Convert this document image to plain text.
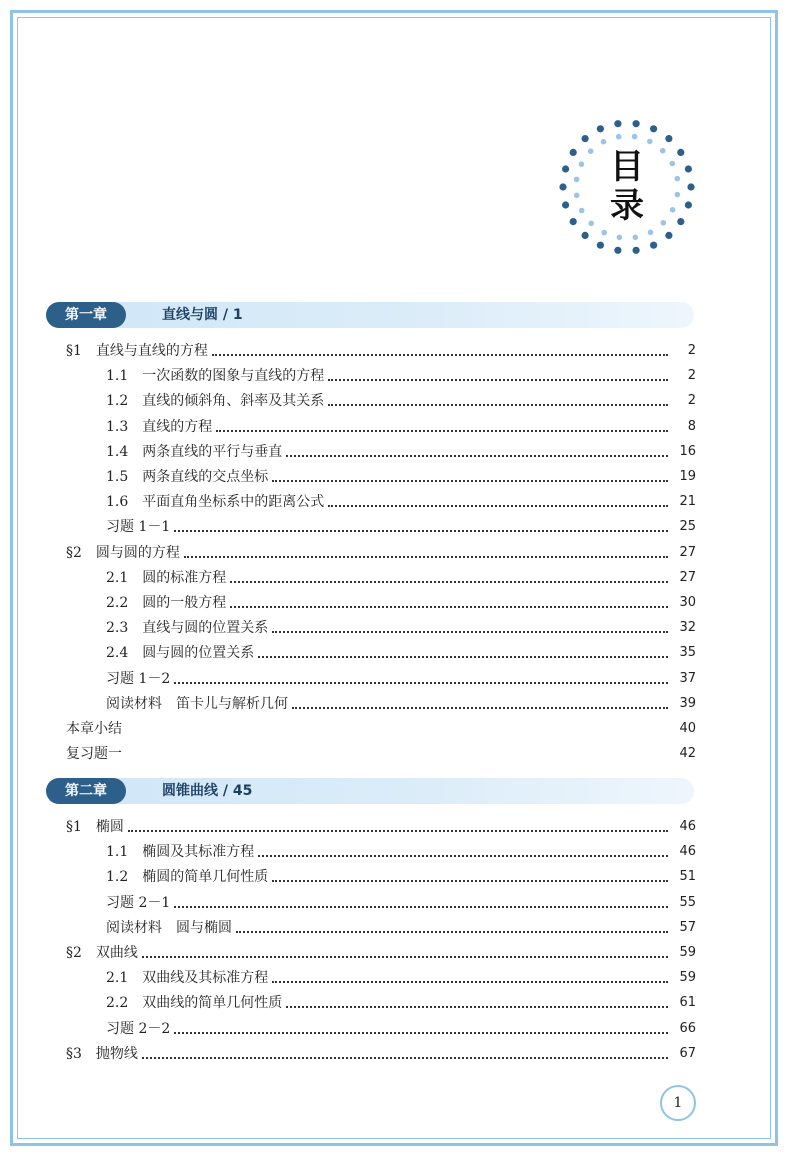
目
录
第一章	直线与圆 / 1
§1　直线与直线的方程	2
1.1　一次函数的图象与直线的方程	2
1.2　直线的倾斜角、斜率及其关系	2
1.3　直线的方程	8
1.4　两条直线的平行与垂直	16
1.5　两条直线的交点坐标	19
1.6　平面直角坐标系中的距离公式	21
习题 1－1	25
§2　圆与圆的方程	27
2.1　圆的标准方程	27
2.2　圆的一般方程	30
2.3　直线与圆的位置关系	32
2.4　圆与圆的位置关系	35
习题 1－2	37
阅读材料　笛卡儿与解析几何	39
本章小结	40
复习题一	42
第二章	圆锥曲线 / 45
§1　椭圆	46
1.1　椭圆及其标准方程	46
1.2　椭圆的简单几何性质	51
习题 2－1	55
阅读材料　圆与椭圆	57
§2　双曲线	59
2.1　双曲线及其标准方程	59
2.2　双曲线的简单几何性质	61
习题 2－2	66
§3　抛物线	67
1
